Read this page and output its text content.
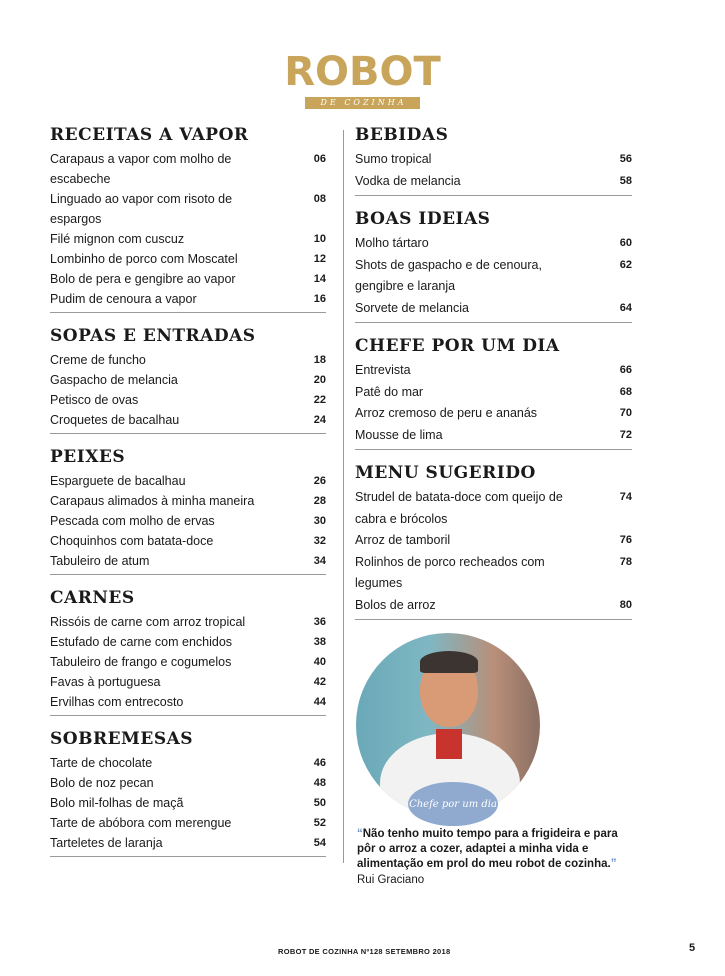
ROBOT
DE COZINHA
RECEITAS A VAPOR
Carapaus a vapor com molho de escabeche
06
Linguado ao vapor com risoto de espargos
08
Filé mignon com cuscuz	10
Lombinho de porco com Moscatel	12
Bolo de pera e gengibre ao vapor	14
Pudim de cenoura a vapor	16
SOPAS E ENTRADAS
Creme de funcho	18
Gaspacho de melancia	20
Petisco de ovas	22
Croquetes de bacalhau	24
PEIXES
Esparguete de bacalhau	26
Carapaus alimados à minha maneira	28
Pescada com molho de ervas	30
Choquinhos com batata-doce	32
Tabuleiro de atum	34
CARNES
Rissóis de carne com arroz tropical	36
Estufado de carne com enchidos	38
Tabuleiro de frango e cogumelos	40
Favas à portuguesa	42
Ervilhas com entrecosto	44
SOBREMESAS
Tarte de chocolate	46
Bolo de noz pecan	48
Bolo mil-folhas de maçã	50
Tarte de abóbora com merengue	52
Tarteletes de laranja	54
BEBIDAS
Sumo tropical	56
Vodka de melancia	58
BOAS IDEIAS
Molho tártaro	60
Shots de gaspacho e de cenoura, gengibre e laranja
62
Sorvete de melancia	64
CHEFE POR UM DIA
Entrevista	66
Patê do mar	68
Arroz cremoso de peru e ananás	70
Mousse de lima	72
MENU SUGERIDO
Strudel de batata-doce com queijo de cabra e brócolos
74
Arroz de tamboril	76
Rolinhos de porco recheados com legumes
78
Bolos de arroz	80
Chefe por um dia
“Não tenho muito tempo para a frigideira e para pôr o arroz a cozer, adaptei a minha vida e alimentação em prol do meu robot de cozinha.”
Rui Graciano
ROBOT DE COZINHA Nº128 SETEMBRO 2018	5
